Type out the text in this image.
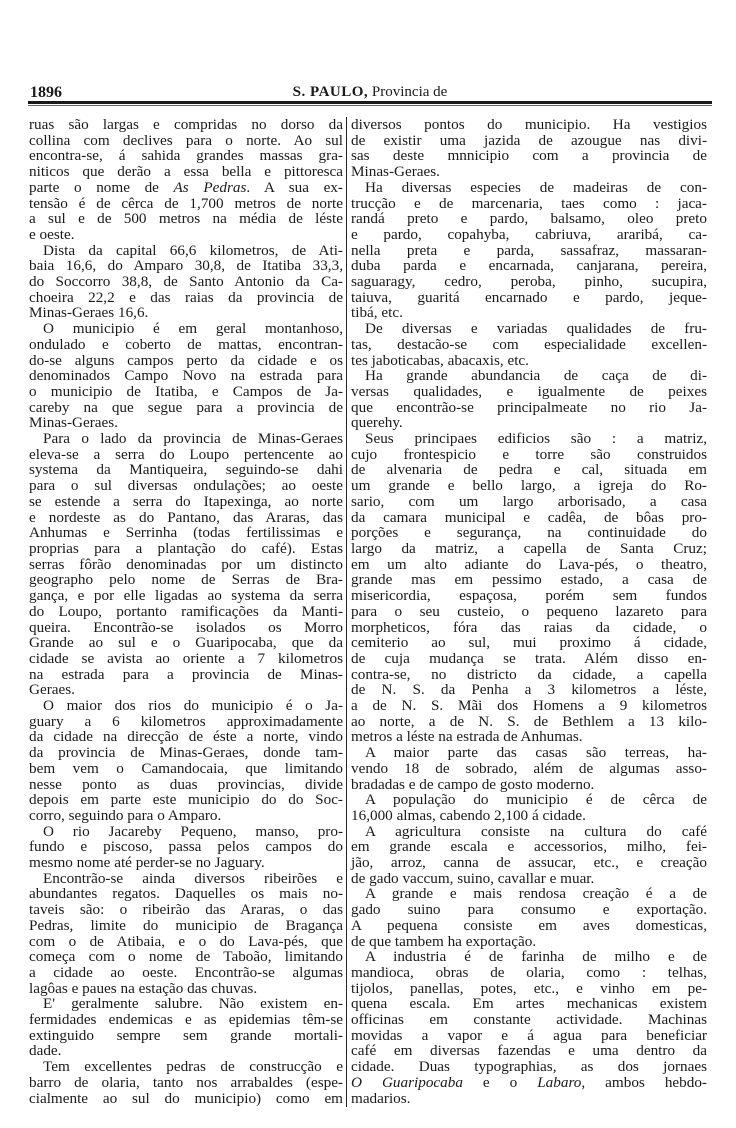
1896	S. PAULO, Provincia de
ruas são largas e compridas no dorso da
collina com declives para o norte. Ao sul
encontra-se, á sahida grandes massas gra-
niticos que derão a essa bella e pittoresca
parte o nome de As Pedras. A sua ex-
tensão é de cêrca de 1,700 metros de norte
a sul e de 500 metros na média de léste
e oeste.
Dista da capital 66,6 kilometros, de Ati-
baia 16,6, do Amparo 30,8, de Itatiba 33,3,
do Soccorro 38,8, de Santo Antonio da Ca-
choeira 22,2 e das raias da provincia de
Minas-Geraes 16,6.
O municipio é em geral montanhoso,
ondulado e coberto de mattas, encontran-
do-se alguns campos perto da cidade e os
denominados Campo Novo na estrada para
o municipio de Itatiba, e Campos de Ja-
careby na que segue para a provincia de
Minas-Geraes.
Para o lado da provincia de Minas-Geraes
eleva-se a serra do Loupo pertencente ao
systema da Mantiqueira, seguindo-se dahi
para o sul diversas ondulações; ao oeste
se estende a serra do Itapexinga, ao norte
e nordeste as do Pantano, das Araras, das
Anhumas e Serrinha (todas fertilissimas e
proprias para a plantação do café). Estas
serras fôrão denominadas por um distincto
geographo pelo nome de Serras de Bra-
gança, e por elle ligadas ao systema da serra
do Loupo, portanto ramificações da Manti-
queira. Encontrão-se isolados os Morro
Grande ao sul e o Guaripocaba, que da
cidade se avista ao oriente a 7 kilometros
na estrada para a provincia de Minas-
Geraes.
O maior dos rios do municipio é o Ja-
guary a 6 kilometros approximadamente
da cidade na direcção de éste a norte, vindo
da provincia de Minas-Geraes, donde tam-
bem vem o Camandocaia, que limitando
nesse ponto as duas provincias, divide
depois em parte este municipio do do Soc-
corro, seguindo para o Amparo.
O rio Jacareby Pequeno, manso, pro-
fundo e piscoso, passa pelos campos do
mesmo nome até perder-se no Jaguary.
Encontrão-se ainda diversos ribeirões e
abundantes regatos. Daquelles os mais no-
taveis são: o ribeirão das Araras, o das
Pedras, limite do municipio de Bragança
com o de Atibaia, e o do Lava-pés, que
começa com o nome de Taboão, limitando
a cidade ao oeste. Encontrão-se algumas
lagôas e paues na estação das chuvas.
E' geralmente salubre. Não existem en-
fermidades endemicas e as epidemias têm-se
extinguido sempre sem grande mortali-
dade.
Tem excellentes pedras de construcção e
barro de olaria, tanto nos arrabaldes (espe-
cialmente ao sul do municipio) como em
diversos pontos do municipio. Ha vestigios
de existir uma jazida de azougue nas divi-
sas deste mnnicipio com a provincia de
Minas-Geraes.
Ha diversas especies de madeiras de con-
trucção e de marcenaria, taes como : jaca-
randá preto e pardo, balsamo, oleo preto
e pardo, copahyba, cabriuva, araribá, ca-
nella preta e parda, sassafraz, massaran-
duba parda e encarnada, canjarana, pereira,
saguaragy, cedro, peroba, pinho, sucupira,
taiuva, guaritá encarnado e pardo, jeque-
tibá, etc.
De diversas e variadas qualidades de fru-
tas, destacão-se com especialidade excellen-
tes jaboticabas, abacaxis, etc.
Ha grande abundancia de caça de di-
versas qualidades, e igualmente de peixes
que encontrão-se principalmeate no rio Ja-
querehy.
Seus principaes edificios são : a matriz,
cujo frontespicio e torre são construidos
de alvenaria de pedra e cal, situada em
um grande e bello largo, a igreja do Ro-
sario, com um largo arborisado, a casa
da camara municipal e cadêa, de bôas pro-
porções e segurança, na continuidade do
largo da matriz, a capella de Santa Cruz;
em um alto adiante do Lava-pés, o theatro,
grande mas em pessimo estado, a casa de
misericordia, espaçosa, porém sem fundos
para o seu custeio, o pequeno lazareto para
morpheticos, fóra das raias da cidade, o
cemiterio ao sul, mui proximo á cidade,
de cuja mudança se trata. Além disso en-
contra-se, no districto da cidade, a capella
de N. S. da Penha a 3 kilometros a léste,
a de N. S. Mãi dos Homens a 9 kilometros
ao norte, a de N. S. de Bethlem a 13 kilo-
metros a léste na estrada de Anhumas.
A maior parte das casas são terreas, ha-
vendo 18 de sobrado, além de algumas asso-
bradadas e de campo de gosto moderno.
A população do municipio é de cêrca de
16,000 almas, cabendo 2,100 á cidade.
A agricultura consiste na cultura do café
em grande escala e accessorios, milho, fei-
jão, arroz, canna de assucar, etc., e creação
de gado vaccum, suino, cavallar e muar.
A grande e mais rendosa creação é a de
gado suino para consumo e exportação.
A pequena consiste em aves domesticas,
de que tambem ha exportação.
A industria é de farinha de milho e de
mandioca, obras de olaria, como : telhas,
tijolos, panellas, potes, etc., e vinho em pe-
quena escala. Em artes mechanicas existem
officinas em constante actividade. Machinas
movidas a vapor e á agua para beneficiar
café em diversas fazendas e uma dentro da
cidade. Duas typographias, as dos jornaes
O Guaripocaba e o Labaro, ambos hebdo-
madarios.
